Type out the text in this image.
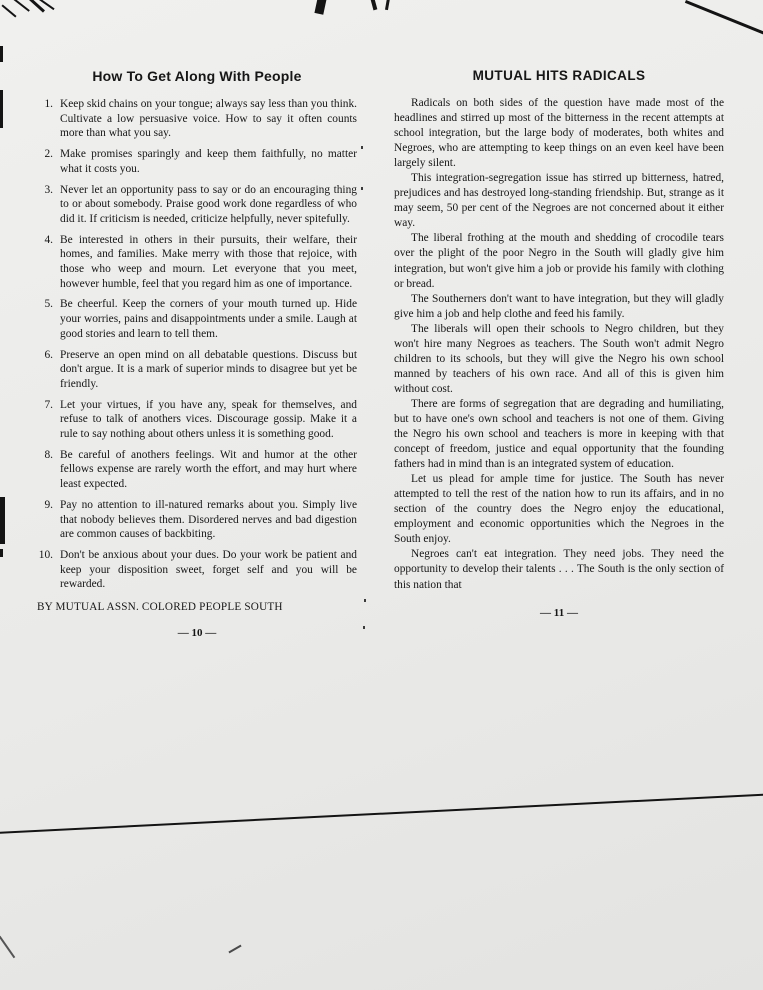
How To Get Along With People
1. Keep skid chains on your tongue; always say less than you think. Cultivate a low persuasive voice. How to say it often counts more than what you say.
2. Make promises sparingly and keep them faithfully, no matter what it costs you.
3. Never let an opportunity pass to say or do an encouraging thing to or about somebody. Praise good work done regardless of who did it. If criticism is needed, criticize helpfully, never spitefully.
4. Be interested in others in their pursuits, their welfare, their homes, and families. Make merry with those that rejoice, with those who weep and mourn. Let everyone that you meet, however humble, feel that you regard him as one of importance.
5. Be cheerful. Keep the corners of your mouth turned up. Hide your worries, pains and disappointments under a smile. Laugh at good stories and learn to tell them.
6. Preserve an open mind on all debatable questions. Discuss but don't argue. It is a mark of superior minds to disagree but yet be friendly.
7. Let your virtues, if you have any, speak for themselves, and refuse to talk of anothers vices. Discourage gossip. Make it a rule to say nothing about others unless it is something good.
8. Be careful of anothers feelings. Wit and humor at the other fellows expense are rarely worth the effort, and may hurt where least expected.
9. Pay no attention to ill-natured remarks about you. Simply live that nobody believes them. Disordered nerves and bad digestion are common causes of backbiting.
10. Don't be anxious about your dues. Do your work be patient and keep your disposition sweet, forget self and you will be rewarded.
BY MUTUAL ASSN. COLORED PEOPLE SOUTH
— 10 —
MUTUAL HITS RADICALS

Radicals on both sides of the question have made most of the headlines and stirred up most of the bitterness in the recent attempts at school integration, but the large body of moderates, both whites and Negroes, who are attempting to keep things on an even keel have been largely silent.

This integration-segregation issue has stirred up bitterness, hatred, prejudices and has destroyed long-standing friendship. But, strange as it may seem, 50 per cent of the Negroes are not concerned about it either way.

The liberal frothing at the mouth and shedding of crocodile tears over the plight of the poor Negro in the South will gladly give him integration, but won't give him a job or provide his family with clothing or bread.

The Southerners don't want to have integration, but they will gladly give him a job and help clothe and feed his family.

The liberals will open their schools to Negro children, but they won't hire many Negroes as teachers. The South won't admit Negro children to its schools, but they will give the Negro his own school manned by teachers of his own race. And all of this is given him without cost.

There are forms of segregation that are degrading and humiliating, but to have one's own school and teachers is not one of them. Giving the Negro his own school and teachers is more in keeping with that concept of freedom, justice and equal opportunity that the founding fathers had in mind than is an integrated system of education.

Let us plead for ample time for justice. The South has never attempted to tell the rest of the nation how to run its affairs, and in no section of the country does the Negro enjoy the educational, employment and economic opportunities which the Negroes in the South enjoy.

Negroes can't eat integration. They need jobs. They need the opportunity to develop their talents . . . The South is the only section of this nation that

— 11 —
